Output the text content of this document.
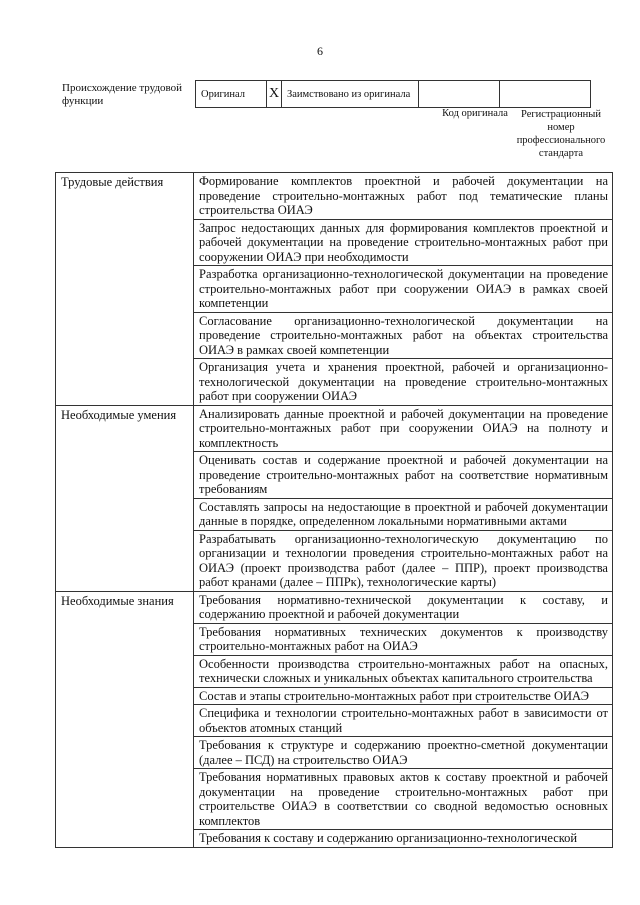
6
Происхождение трудовой функции
Оригинал	X	Заимствовано из оригинала		
Код оригинала	Регистрационный номер профессионального стандарта
Трудовые действия	Формирование комплектов проектной и рабочей документации на проведение строительно-монтажных работ под тематические планы строительства ОИАЭ
	Запрос недостающих данных для формирования комплектов проектной и рабочей документации на проведение строительно-монтажных работ при сооружении ОИАЭ при необходимости
	Разработка организационно-технологической документации на проведение строительно-монтажных работ при сооружении ОИАЭ в рамках своей компетенции
	Согласование организационно-технологической документации на проведение строительно-монтажных работ на объектах строительства ОИАЭ в рамках своей компетенции
	Организация учета и хранения проектной, рабочей и организационно-технологической документации на проведение строительно-монтажных работ при сооружении ОИАЭ
Необходимые умения	Анализировать данные проектной и рабочей документации на проведение строительно-монтажных работ при сооружении ОИАЭ на полноту и комплектность
	Оценивать состав и содержание проектной и рабочей документации на проведение строительно-монтажных работ на соответствие нормативным требованиям
	Составлять запросы на недостающие в проектной и рабочей документации данные в порядке, определенном локальными нормативными актами
	Разрабатывать организационно-технологическую документацию по организации и технологии проведения строительно-монтажных работ на ОИАЭ (проект производства работ (далее – ППР), проект производства работ кранами (далее – ППРк), технологические карты)
Необходимые знания	Требования нормативно-технической документации к составу, и содержанию проектной и рабочей документации
	Требования нормативных технических документов к производству строительно-монтажных работ на ОИАЭ
	Особенности производства строительно-монтажных работ на опасных, технически сложных и уникальных объектах капитального строительства
	Состав и этапы строительно-монтажных работ при строительстве ОИАЭ
	Специфика и технологии строительно-монтажных работ в зависимости от объектов атомных станций
	Требования к структуре и содержанию проектно-сметной документации (далее – ПСД) на строительство ОИАЭ
	Требования нормативных правовых актов к составу проектной и рабочей документации на проведение строительно-монтажных работ при строительстве ОИАЭ в соответствии со сводной ведомостью основных комплектов
	Требования к составу и содержанию организационно-технологической
